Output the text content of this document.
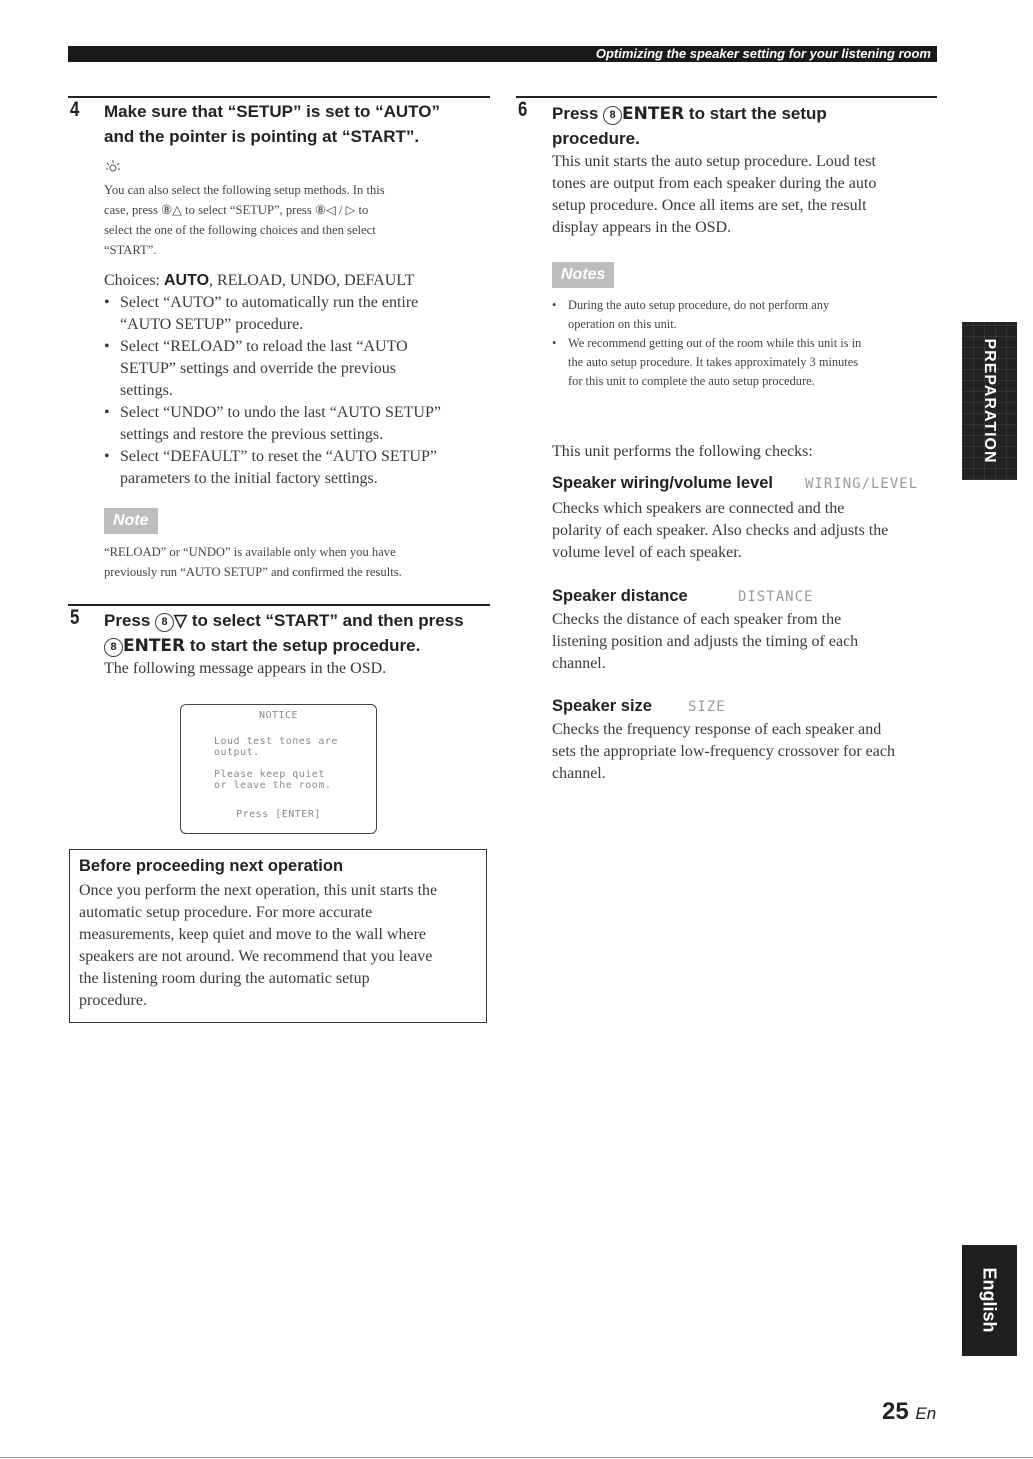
Optimizing the speaker setting for your listening room
4 Make sure that “SETUP” is set to “AUTO”
and the pointer is pointing at “START”.
You can also select the following setup methods. In this
case, press ⑧△ to select “SETUP”, press ⑧◁ / ▷ to
select the one of the following choices and then select
“START”.
Choices: AUTO, RELOAD, UNDO, DEFAULT
• Select “AUTO” to automatically run the entire
“AUTO SETUP” procedure.
• Select “RELOAD” to reload the last “AUTO
SETUP” settings and override the previous
settings.
• Select “UNDO” to undo the last “AUTO SETUP”
settings and restore the previous settings.
• Select “DEFAULT” to reset the “AUTO SETUP”
parameters to the initial factory settings.
Note
“RELOAD” or “UNDO” is available only when you have
previously run “AUTO SETUP” and confirmed the results.
5 Press 8 ▽ to select “START” and then press
8 ENTER to start the setup procedure.
The following message appears in the OSD.
NOTICE
Loud test tones are
output.
Please keep quiet
or leave the room.
Press [ENTER]
Before proceeding next operation
Once you perform the next operation, this unit starts the
automatic setup procedure. For more accurate
measurements, keep quiet and move to the wall where
speakers are not around. We recommend that you leave
the listening room during the automatic setup
procedure.
6 Press 8 ENTER to start the setup
procedure.
This unit starts the auto setup procedure. Loud test
tones are output from each speaker during the auto
setup procedure. Once all items are set, the result
display appears in the OSD.
Notes
• During the auto setup procedure, do not perform any
operation on this unit.
• We recommend getting out of the room while this unit is in
the auto setup procedure. It takes approximately 3 minutes
for this unit to complete the auto setup procedure.
This unit performs the following checks:
Speaker wiring/volume level WIRING/LEVEL
Checks which speakers are connected and the
polarity of each speaker. Also checks and adjusts the
volume level of each speaker.
Speaker distance	DISTANCE
Checks the distance of each speaker from the
listening position and adjusts the timing of each
channel.
Speaker size	SIZE
Checks the frequency response of each speaker and
sets the appropriate low-frequency crossover for each
channel.
PREPARATION
English
25 En
